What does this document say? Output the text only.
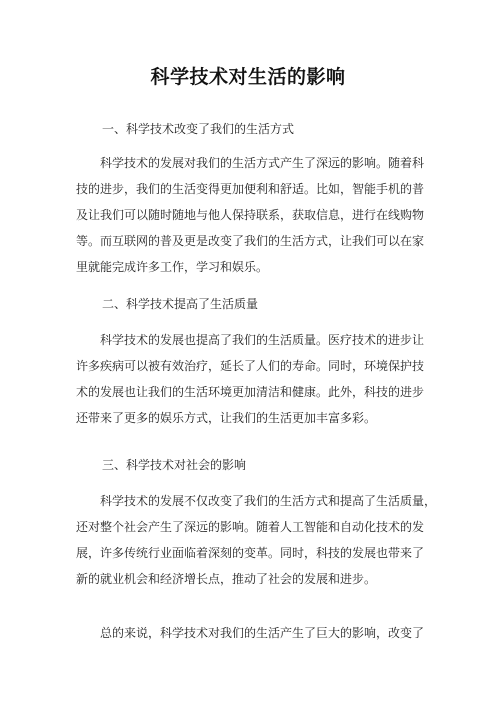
科学技术对生活的影响
一、科学技术改变了我们的生活方式
科学技术的发展对我们的生活方式产生了深远的影响。随着科
技的进步，我们的生活变得更加便利和舒适。比如，智能手机的普
及让我们可以随时随地与他人保持联系，获取信息，进行在线购物
等。而互联网的普及更是改变了我们的生活方式，让我们可以在家
里就能完成许多工作，学习和娱乐。
二、科学技术提高了生活质量
科学技术的发展也提高了我们的生活质量。医疗技术的进步让
许多疾病可以被有效治疗，延长了人们的寿命。同时，环境保护技
术的发展也让我们的生活环境更加清洁和健康。此外，科技的进步
还带来了更多的娱乐方式，让我们的生活更加丰富多彩。
三、科学技术对社会的影响
科学技术的发展不仅改变了我们的生活方式和提高了生活质量，
还对整个社会产生了深远的影响。随着人工智能和自动化技术的发
展，许多传统行业面临着深刻的变革。同时，科技的发展也带来了
新的就业机会和经济增长点，推动了社会的发展和进步。
总的来说，科学技术对我们的生活产生了巨大的影响，改变了
